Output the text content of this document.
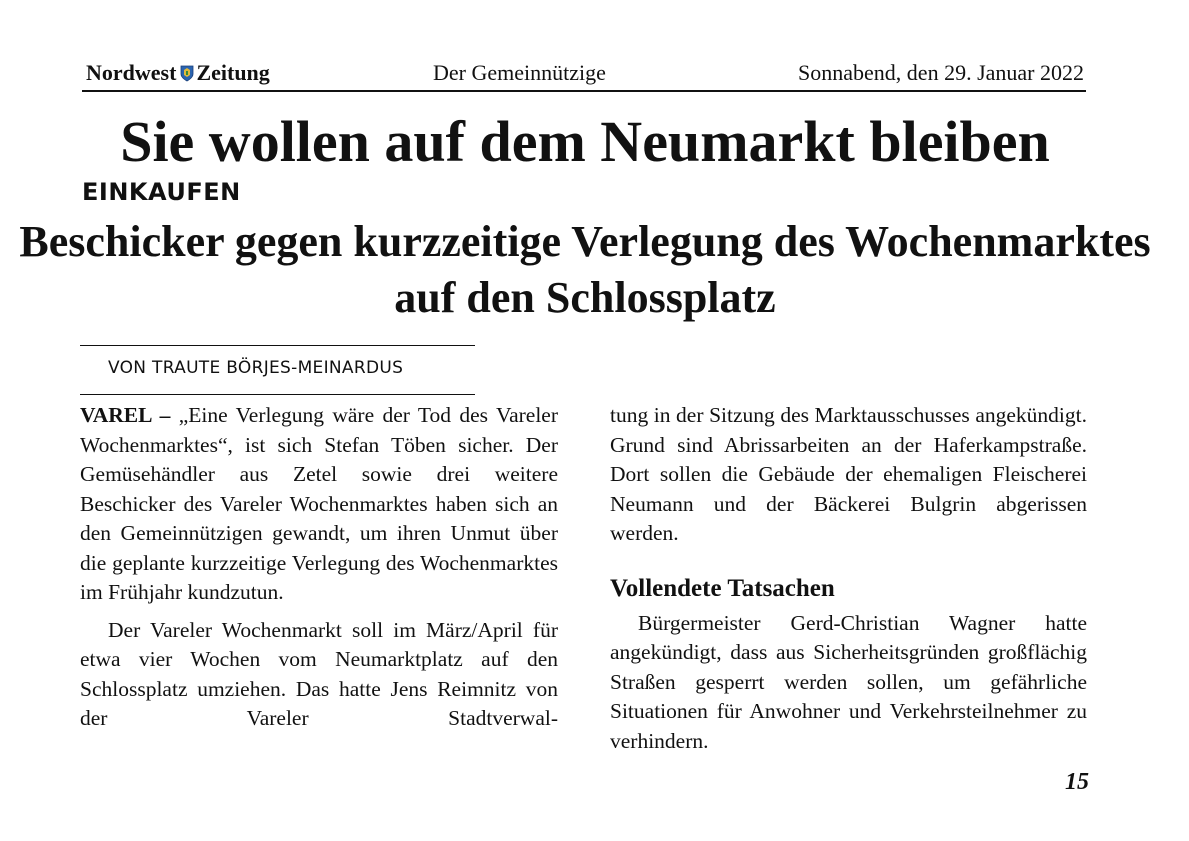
Nordwest Zeitung	Der Gemeinnützige	Sonnabend, den 29. Januar 2022
Sie wollen auf dem Neumarkt bleiben
EINKAUFEN
Beschicker gegen kurzzeitige Verlegung des Wochenmarktes auf den Schlossplatz
VON TRAUTE BÖRJES-MEINARDUS

VAREL – „Eine Verlegung wäre der Tod des Vareler Wochenmarktes“, ist sich Stefan Töben sicher. Der Gemüsehändler aus Zetel sowie drei weitere Beschicker des Vareler Wochenmarktes haben sich an den Gemeinnützigen gewandt, um ihren Unmut über die geplante kurzzeitige Verlegung des Wochenmarktes im Frühjahr kundzutun.

Der Vareler Wochenmarkt soll im März/April für etwa vier Wochen vom Neumarktplatz auf den Schlossplatz umziehen. Das hatte Jens Reimnitz von der Vareler Stadtverwal-

tung in der Sitzung des Marktausschusses angekündigt. Grund sind Abrissarbeiten an der Haferkampstraße. Dort sollen die Gebäude der ehemaligen Fleischerei Neumann und der Bäckerei Bulgrin abgerissen werden.

Vollendete Tatsachen

Bürgermeister Gerd-Christian Wagner hatte angekündigt, dass aus Sicherheitsgründen großflächig Straßen gesperrt werden sollen, um gefährliche Situationen für Anwohner und Verkehrsteilnehmer zu verhindern.

15
